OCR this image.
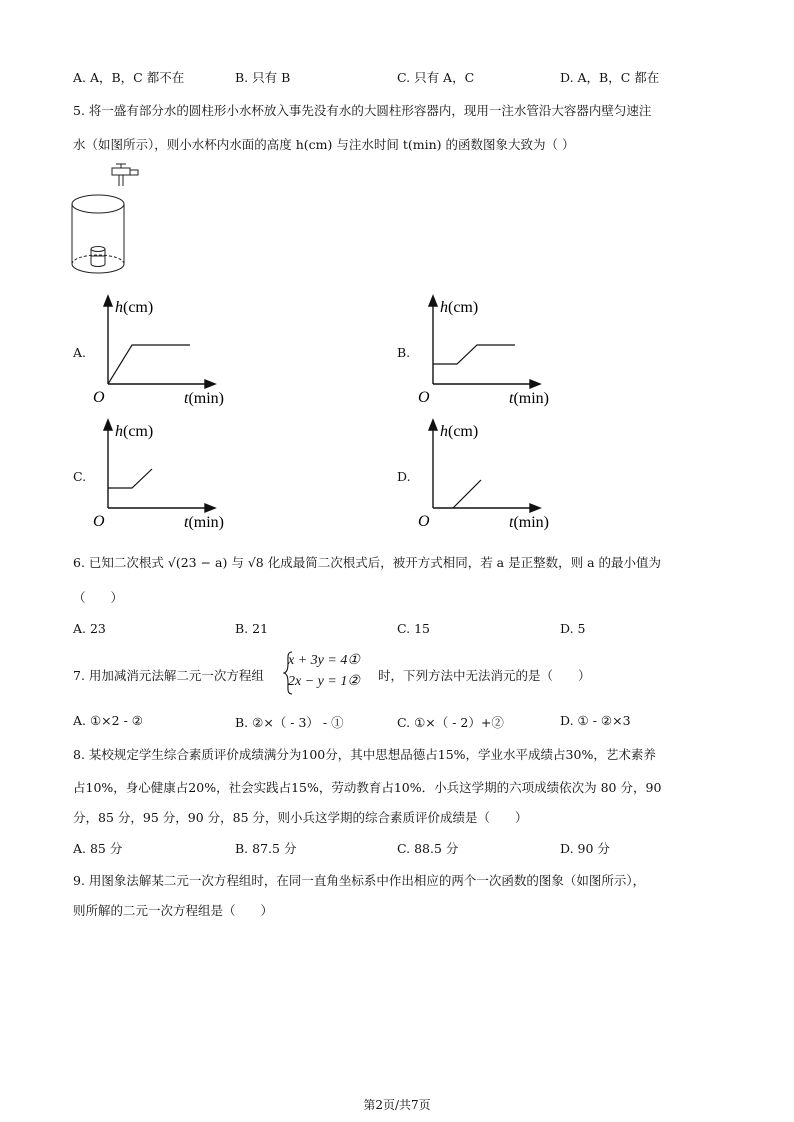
A. A，B，C 都不在	B. 只有 B	C. 只有 A，C	D. A，B，C 都在
5. 将一盛有部分水的圆柱形小水杯放入事先没有水的大圆柱形容器内，现用一注水管沿大容器内壁匀速注
水（如图所示），则小水杯内水面的高度 h(cm) 与注水时间 t(min) 的函数图象大致为（ ）
A.
h(cm)
O	t(min)
B.
h(cm)
O	t(min)
C.
h(cm)
O	t(min)
D.
h(cm)
O	t(min)
6. 已知二次根式 √(23 − a) 与 √8 化成最简二次根式后，被开方式相同，若 a 是正整数，则 a 的最小值为
（　　）
A. 23	B. 21	C. 15	D. 5
7. 用加减消元法解二元一次方程组
x + 3y = 4①
2x − y = 1② 时，下列方法中无法消元的是（　　）
A. ①×2 - ②	B. ②×（ - 3） - ①	C. ①×（ - 2）+②	D. ① - ②×3
8. 某校规定学生综合素质评价成绩满分为100分，其中思想品德占15%，学业水平成绩占30%，艺术素养
占10%，身心健康占20%，社会实践占15%，劳动教育占10%．小兵这学期的六项成绩依次为 80 分，90
分，85 分，95 分，90 分，85 分，则小兵这学期的综合素质评价成绩是（　　）
A. 85 分	B. 87.5 分	C. 88.5 分	D. 90 分
9. 用图象法解某二元一次方程组时，在同一直角坐标系中作出相应的两个一次函数的图象（如图所示），
则所解的二元一次方程组是（　　）
第2页/共7页
